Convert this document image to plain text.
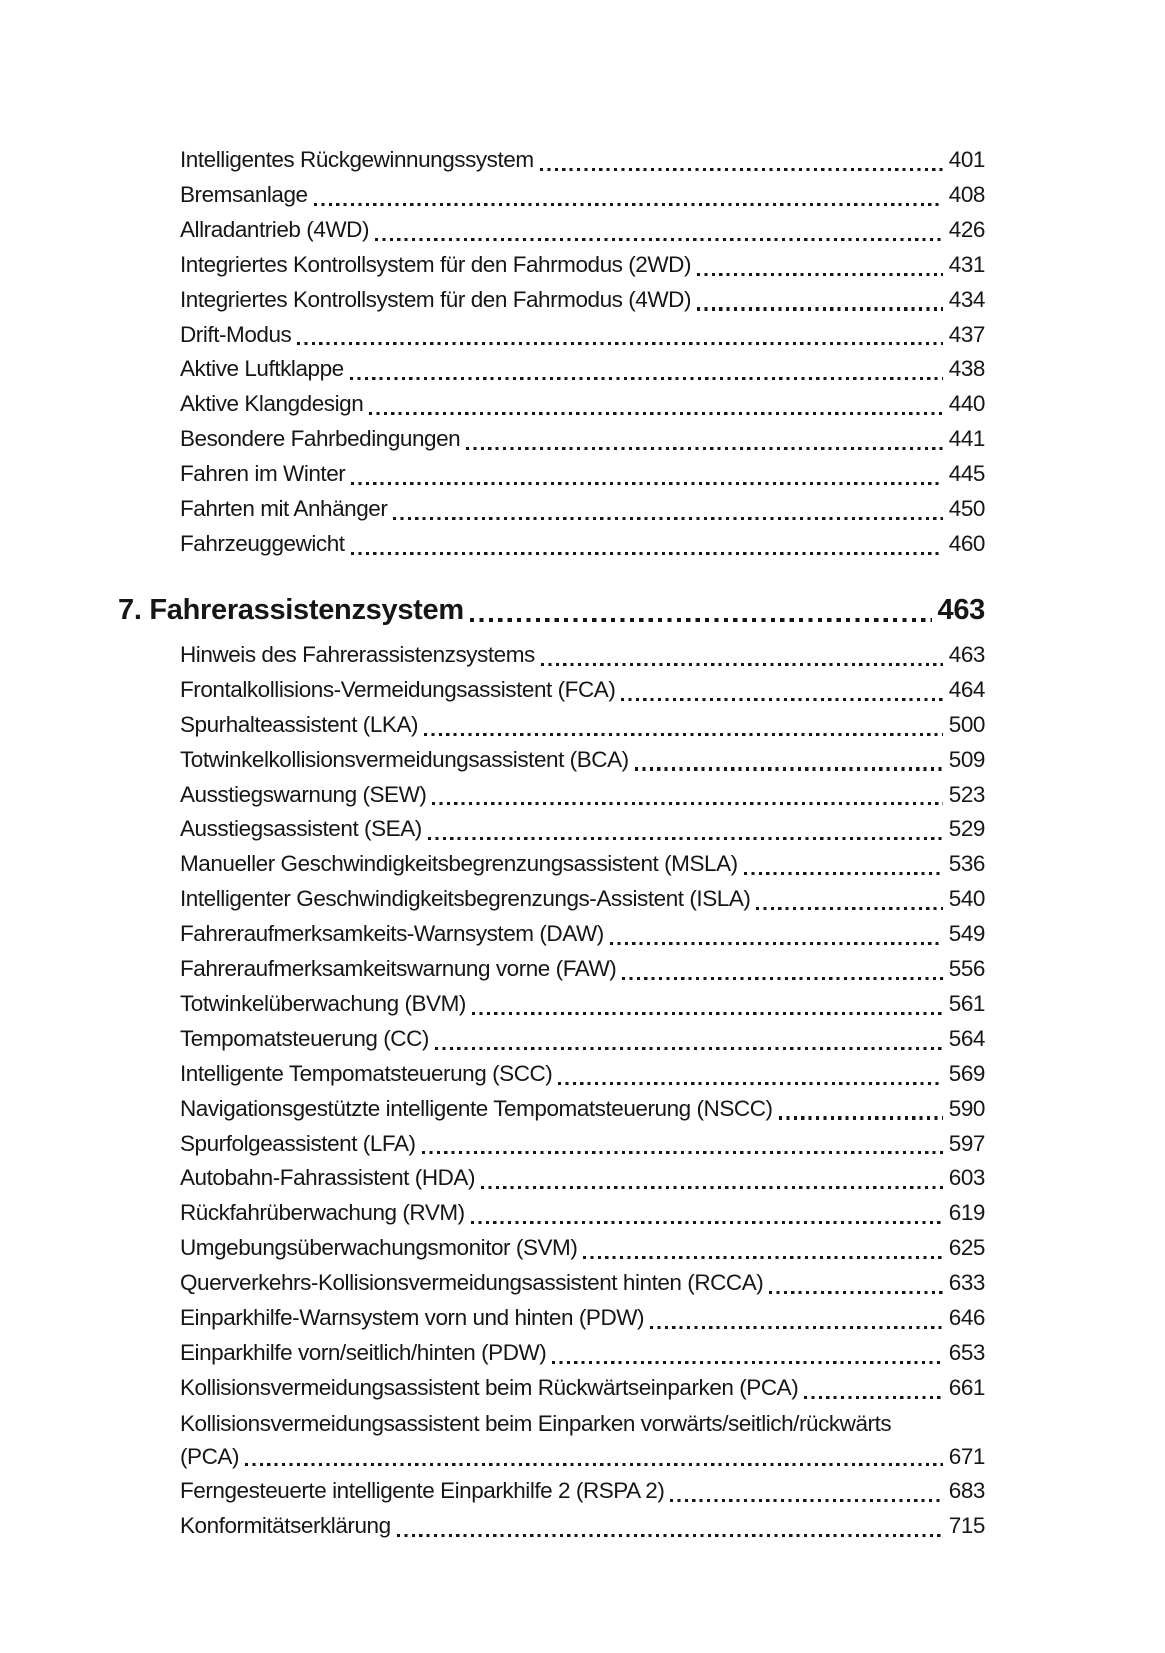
Intelligentes Rückgewinnungssystem	401
Bremsanlage	408
Allradantrieb (4WD)	426
Integriertes Kontrollsystem für den Fahrmodus (2WD)	431
Integriertes Kontrollsystem für den Fahrmodus (4WD)	434
Drift-Modus	437
Aktive Luftklappe	438
Aktive Klangdesign	440
Besondere Fahrbedingungen	441
Fahren im Winter	445
Fahrten mit Anhänger	450
Fahrzeuggewicht	460
7. Fahrerassistenzsystem	463
Hinweis des Fahrerassistenzsystems	463
Frontalkollisions-Vermeidungsassistent (FCA)	464
Spurhalteassistent (LKA)	500
Totwinkelkollisionsvermeidungsassistent (BCA)	509
Ausstiegswarnung (SEW)	523
Ausstiegsassistent (SEA)	529
Manueller Geschwindigkeitsbegrenzungsassistent (MSLA)	536
Intelligenter Geschwindigkeitsbegrenzungs-Assistent (ISLA)	540
Fahreraufmerksamkeits-Warnsystem (DAW)	549
Fahreraufmerksamkeitswarnung vorne (FAW)	556
Totwinkelüberwachung (BVM)	561
Tempomatsteuerung (CC)	564
Intelligente Tempomatsteuerung (SCC)	569
Navigationsgestützte intelligente Tempomatsteuerung (NSCC)	590
Spurfolgeassistent (LFA)	597
Autobahn-Fahrassistent (HDA)	603
Rückfahrüberwachung (RVM)	619
Umgebungsüberwachungsmonitor (SVM)	625
Querverkehrs-Kollisionsvermeidungsassistent hinten (RCCA)	633
Einparkhilfe-Warnsystem vorn und hinten (PDW)	646
Einparkhilfe vorn/seitlich/hinten (PDW)	653
Kollisionsvermeidungsassistent beim Rückwärtseinparken (PCA)	661
Kollisionsvermeidungsassistent beim Einparken vorwärts/seitlich/rückwärts
(PCA)	671
Ferngesteuerte intelligente Einparkhilfe 2 (RSPA 2)	683
Konformitätserklärung	715
